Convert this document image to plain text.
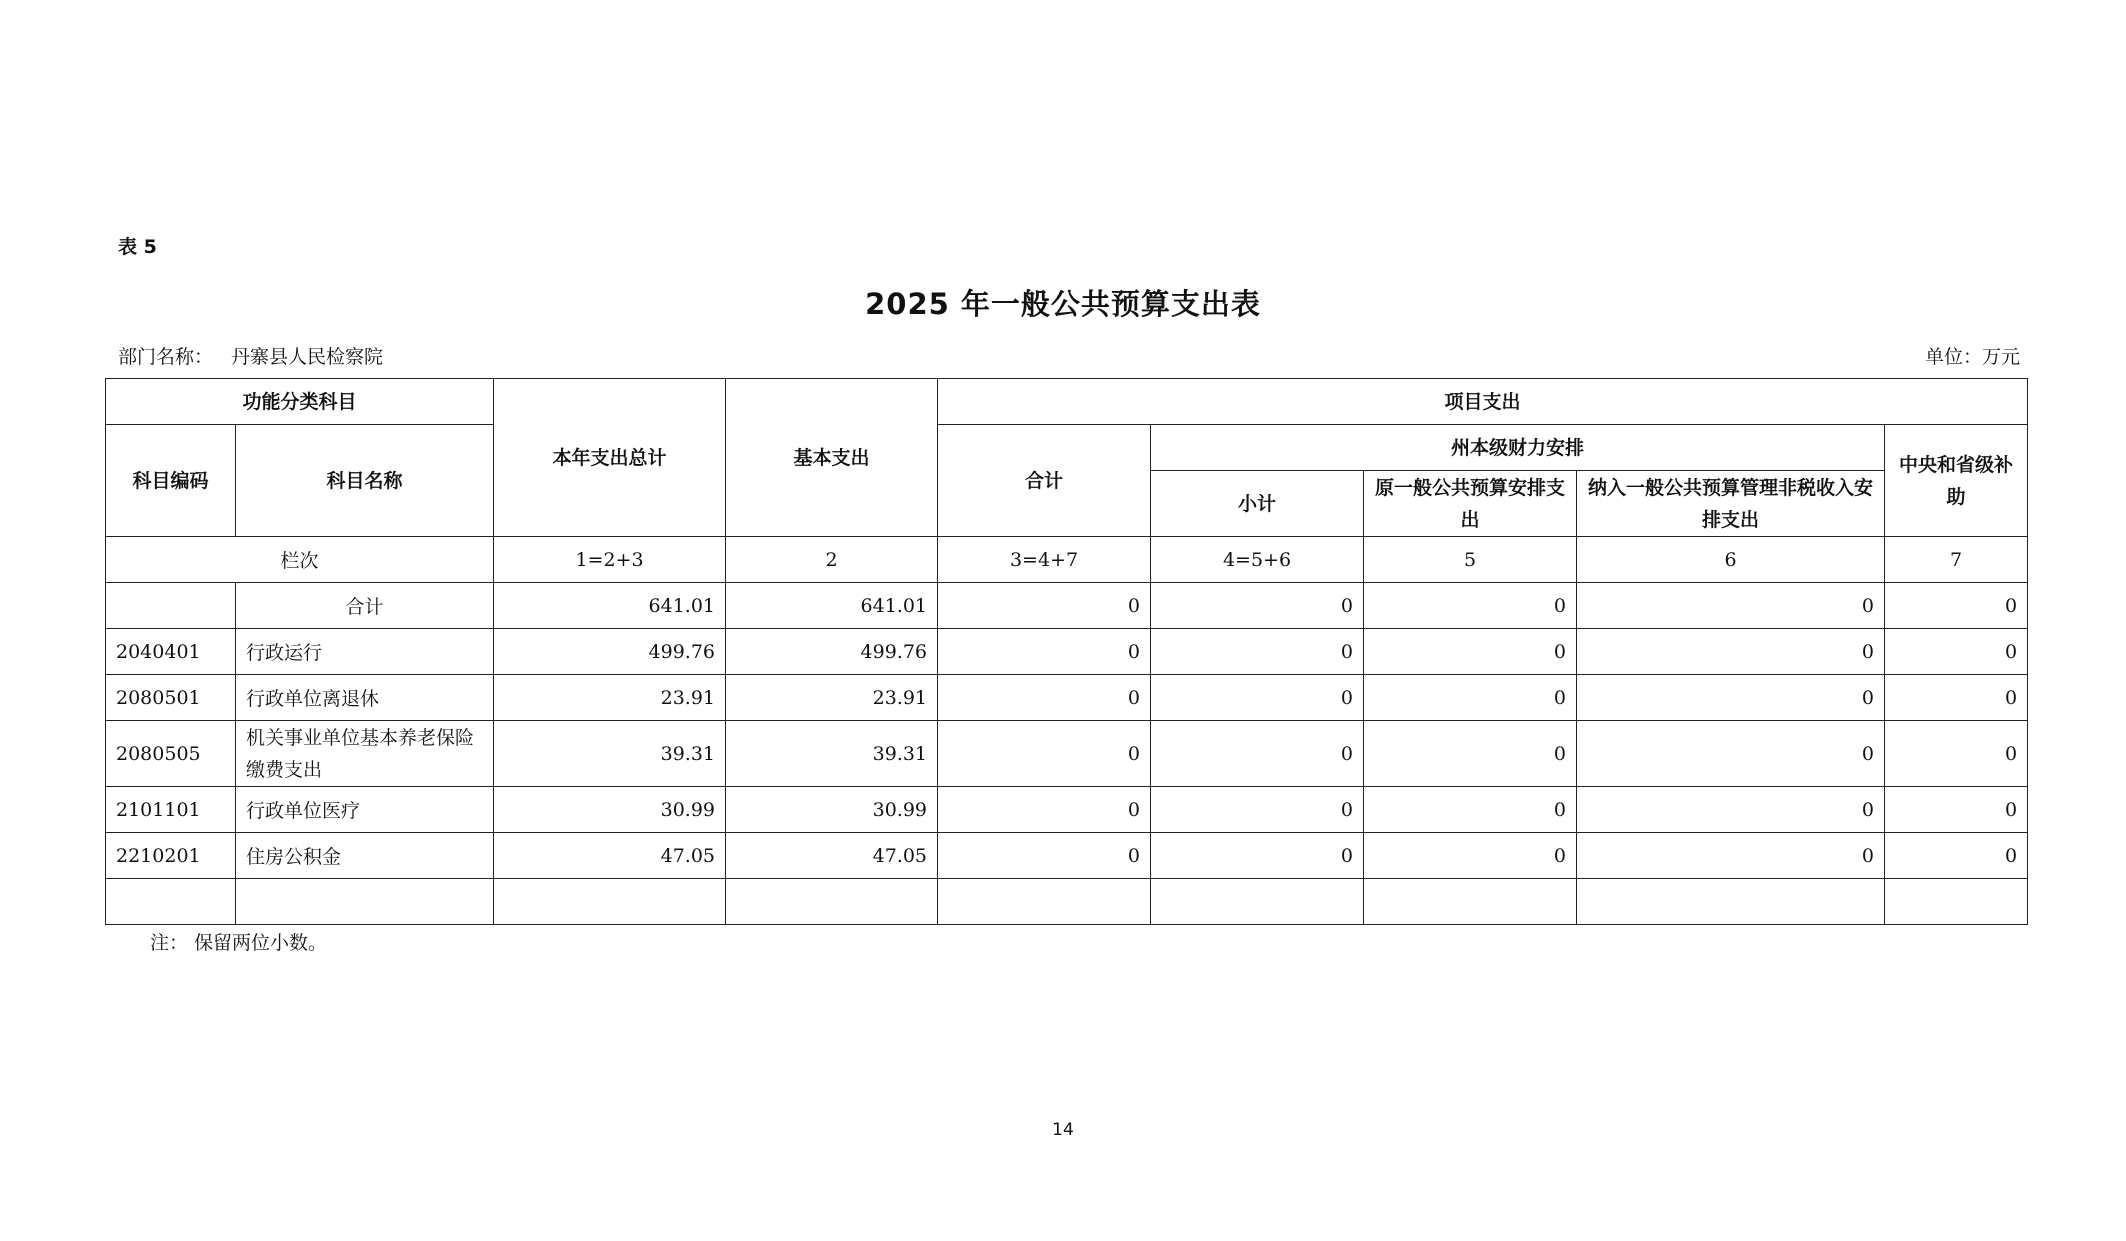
表 5
2025 年一般公共预算支出表
部门名称： 丹寨县人民检察院	单位：万元
功能分类科目		本年支出总计	基本支出	项目支出				
科目编码	科目名称			合计	州本级财力安排			中央和省级补助
					小计	原一般公共预算安排支出	纳入一般公共预算管理非税收入安排支出	
栏次		1=2+3	2	3=4+7	4=5+6	5	6	7
	合计	641.01	641.01	0	0	0	0	0
2040401	行政运行	499.76	499.76	0	0	0	0	0
2080501	行政单位离退休	23.91	23.91	0	0	0	0	0
2080505	机关事业单位基本养老保险缴费支出	39.31	39.31	0	0	0	0	0
2101101	行政单位医疗	30.99	30.99	0	0	0	0	0
2210201	住房公积金	47.05	47.05	0	0	0	0	0

注： 保留两位小数。
14
